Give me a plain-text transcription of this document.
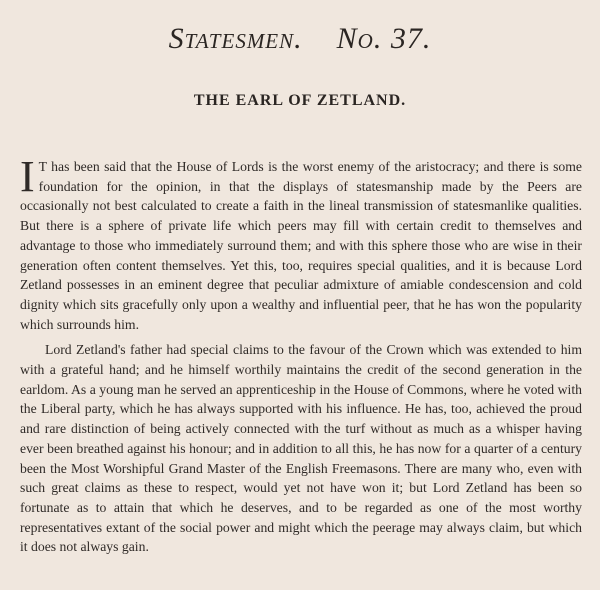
Statesmen. No. 37.
THE EARL OF ZETLAND.

I T has been said that the House of Lords is the worst enemy of the aristocracy; and there is some foundation for the opinion, in that the displays of statesmanship made by the Peers are occasionally not best calculated to create a faith in the lineal transmission of statesmanlike qualities. But there is a sphere of private life which peers may fill with certain credit to themselves and advantage to those who immediately surround them; and with this sphere those who are wise in their generation often content themselves. Yet this, too, requires special qualities, and it is because Lord Zetland possesses in an eminent degree that peculiar admixture of amiable condescension and cold dignity which sits gracefully only upon a wealthy and influential peer, that he has won the popularity which surrounds him.

Lord Zetland's father had special claims to the favour of the Crown which was extended to him with a grateful hand; and he himself worthily maintains the credit of the second generation in the earldom. As a young man he served an apprenticeship in the House of Commons, where he voted with the Liberal party, which he has always supported with his influence. He has, too, achieved the proud and rare distinction of being actively connected with the turf without as much as a whisper having ever been breathed against his honour; and in addition to all this, he has now for a quarter of a century been the Most Worshipful Grand Master of the English Freemasons. There are many who, even with such great claims as these to respect, would yet not have won it; but Lord Zetland has been so fortunate as to attain that which he deserves, and to be regarded as one of the most worthy representatives extant of the social power and might which the peerage may always claim, but which it does not always gain.
